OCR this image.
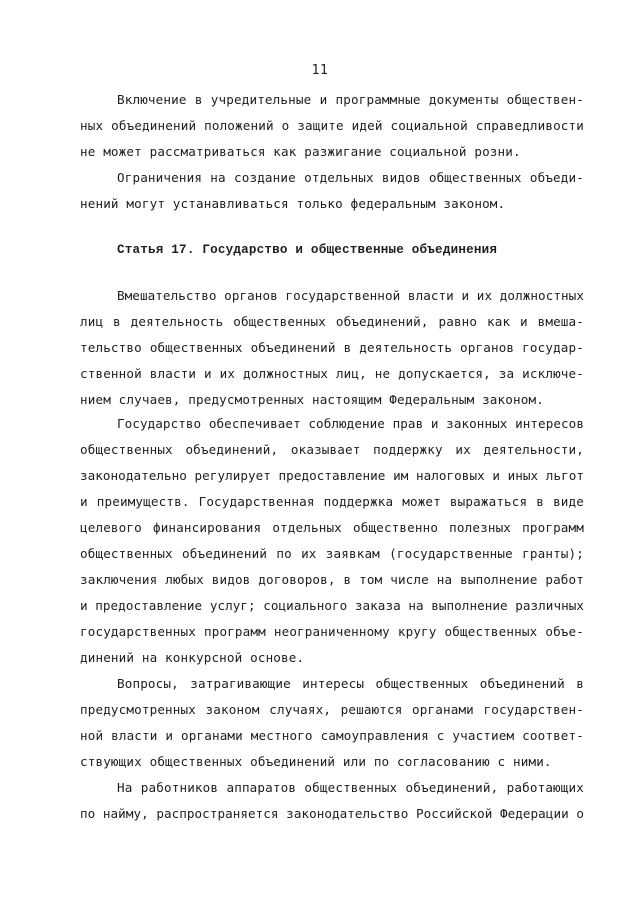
11
Включение в учредительные и программные документы обществен-
ных объединений положений о защите идей социальной справедливости
не может рассматриваться как разжигание социальной розни.
Ограничения на создание отдельных видов общественных объеди-
нений могут устанавливаться только федеральным законом.
Статья 17. Государство и общественные объединения
Вмешательство органов государственной власти и их должностных
лиц в деятельность общественных объединений, равно как и вмеша-
тельство общественных объединений в деятельность органов государ-
ственной власти и их должностных лиц, не допускается, за исключе-
нием случаев, предусмотренных настоящим Федеральным законом.
Государство обеспечивает соблюдение прав и законных интересов
общественных объединений, оказывает поддержку их деятельности,
законодательно регулирует предоставление им налоговых и иных льгот
и преимуществ. Государственная поддержка может выражаться в виде
целевого финансирования отдельных общественно полезных программ
общественных объединений по их заявкам (государственные гранты);
заключения любых видов договоров, в том числе на выполнение работ
и предоставление услуг; социального заказа на выполнение различных
государственных программ неограниченному кругу общественных объе-
динений на конкурсной основе.
Вопросы, затрагивающие интересы общественных объединений в
предусмотренных законом случаях, решаются органами государствен-
ной власти и органами местного самоуправления с участием соответ-
ствующих общественных объединений или по согласованию с ними.
На работников аппаратов общественных объединений, работающих
по найму, распространяется законодательство Российской Федерации о
